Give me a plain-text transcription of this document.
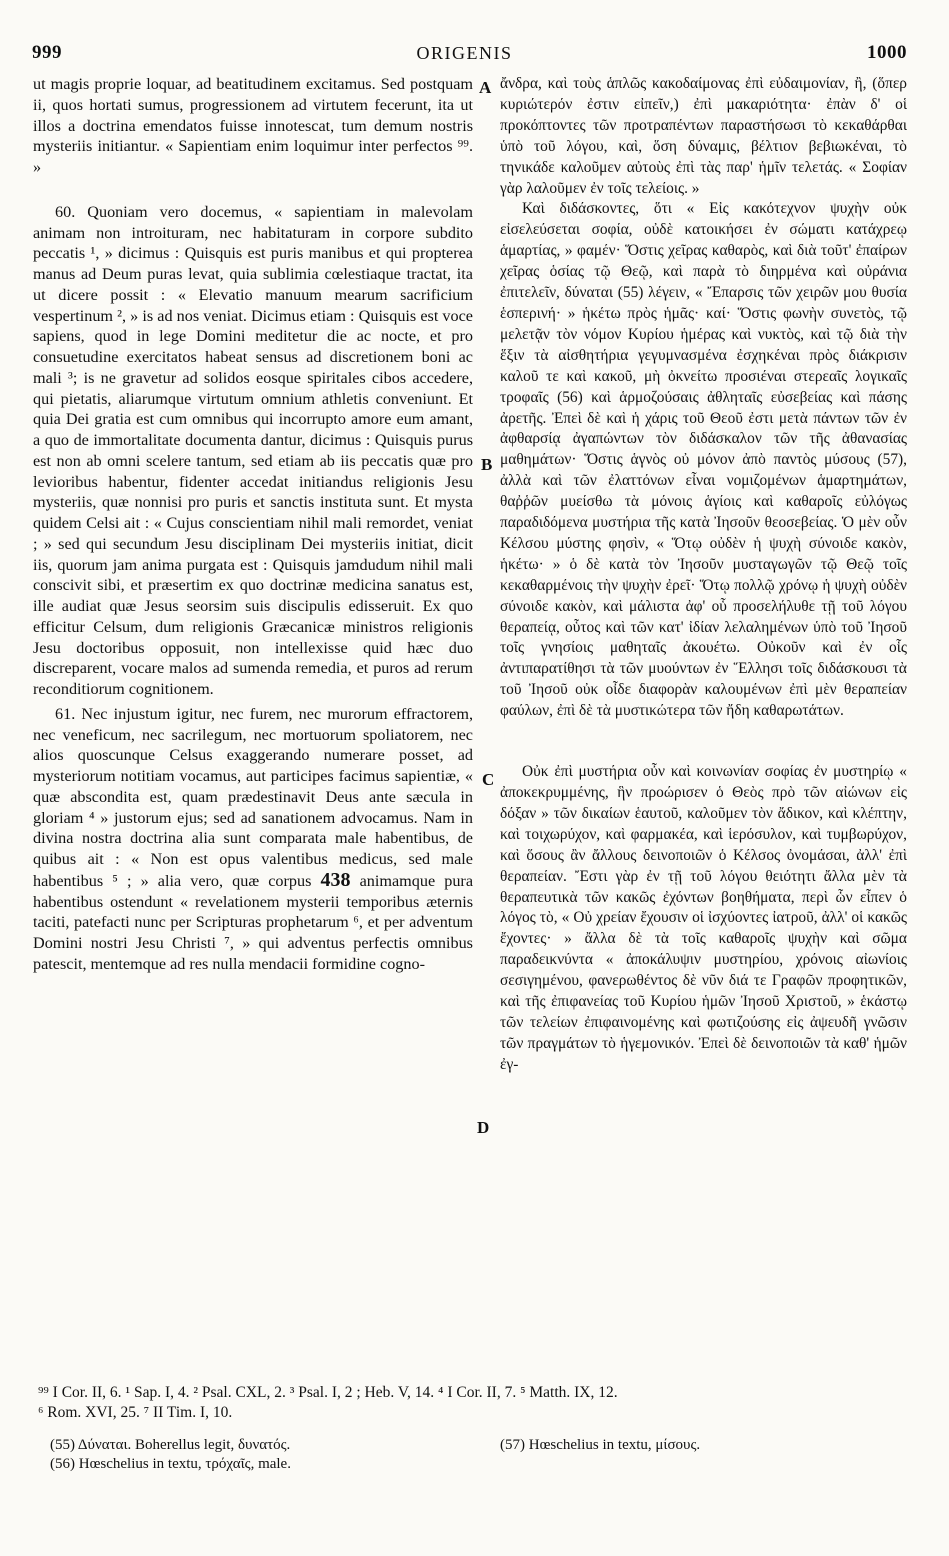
999	ORIGENIS	1000

ut magis proprie loquar, ad beatitudinem excitamus. Sed postquam ii, quos hortati sumus, progressionem ad virtutem fecerunt, ita ut illos a doctrina emendatos fuisse innotescat, tum demum nostris mysteriis initiantur. « Sapientiam enim loquimur inter perfectos ⁹⁹. »

60. Quoniam vero docemus, « sapientiam in malevolam animam non introituram, nec habitaturam in corpore subdito peccatis ¹, » dicimus : Quisquis est puris manibus et qui propterea manus ad Deum puras levat, quia sublimia cœlestiaque tractat, ita ut dicere possit : « Elevatio manuum mearum sacrificium vespertinum ², » is ad nos veniat. Dicimus etiam : Quisquis est voce sapiens, quod in lege Domini meditetur die ac nocte, et pro consuetudine exercitatos habeat sensus ad discretionem boni ac mali ³; is ne gravetur ad solidos eosque spiritales cibos accedere, qui pietatis, aliarumque virtutum omnium athletis conveniunt. Et quia Dei gratia est cum omnibus qui incorrupto amore eum amant, a quo de immortalitate documenta dantur, dicimus : Quisquis purus est non ab omni scelere tantum, sed etiam ab iis peccatis quæ pro levioribus habentur, fidenter accedat initiandus religionis Jesu mysteriis, quæ nonnisi pro puris et sanctis instituta sunt. Et mysta quidem Celsi ait : « Cujus conscientiam nihil mali remordet, veniat ; » sed qui secundum Jesu disciplinam Dei mysteriis initiat, dicit iis, quorum jam anima purgata est : Quisquis jamdudum nihil mali conscivit sibi, et præsertim ex quo doctrinæ medicina sanatus est, ille audiat quæ Jesus seorsim suis discipulis edisseruit. Ex quo efficitur Celsum, dum religionis Græcanicæ ministros religionis Jesu doctoribus opposuit, non intellexisse quid hæc duo discreparent, vocare malos ad sumenda remedia, et puros ad rerum reconditiorum cognitionem.

61. Nec injustum igitur, nec furem, nec murorum effractorem, nec veneficum, nec sacrilegum, nec mortuorum spoliatorem, nec alios quoscunque Celsus exaggerando numerare posset, ad mysteriorum notitiam vocamus, aut participes facimus sapientiæ, « quæ abscondita est, quam prædestinavit Deus ante sæcula in gloriam ⁴ » justorum ejus; sed ad sanationem advocamus. Nam in divina nostra doctrina alia sunt comparata male habentibus, de quibus ait : « Non est opus valentibus medicus, sed male habentibus ⁵ ; » alia vero, quæ corpus 438 animamque pura habentibus ostendunt « revelationem mysterii temporibus æternis taciti, patefacti nunc per Scripturas prophetarum ⁶, et per adventum Domini nostri Jesu Christi ⁷, » qui adventus perfectis omnibus patescit, mentemque ad res nulla mendacii formidine cogno-

A
B
C
D

ἄνδρα, καὶ τοὺς ἁπλῶς κακοδαίμονας ἐπὶ εὐδαιμονίαν, ἢ, (ὅπερ κυριώτερόν ἐστιν εἰπεῖν,) ἐπὶ μακαριότητα· ἐπὰν δ' οἱ προκόπτοντες τῶν προτραπέντων παραστήσωσι τὸ κεκαθάρθαι ὑπὸ τοῦ λόγου, καὶ, ὅση δύναμις, βέλτιον βεβιωκέναι, τὸ τηνικάδε καλοῦμεν αὐτοὺς ἐπὶ τὰς παρ' ἡμῖν τελετάς. « Σοφίαν γὰρ λαλοῦμεν ἐν τοῖς τελείοις. »

Καὶ διδάσκοντες, ὅτι « Εἰς κακότεχνον ψυχὴν οὐκ εἰσελεύσεται σοφία, οὐδὲ κατοικήσει ἐν σώματι κατάχρεῳ ἁμαρτίας, » φαμέν· Ὅστις χεῖρας καθαρὸς, καὶ διὰ τοῦτ' ἐπαίρων χεῖρας ὁσίας τῷ Θεῷ, καὶ παρὰ τὸ διηρμένα καὶ οὐράνια ἐπιτελεῖν, δύναται (55) λέγειν, « Ἔπαρσις τῶν χειρῶν μου θυσία ἑσπερινή· » ἡκέτω πρὸς ἡμᾶς· καί· Ὅστις φωνὴν συνετὸς, τῷ μελετᾷν τὸν νόμον Κυρίου ἡμέρας καὶ νυκτὸς, καὶ τῷ διὰ τὴν ἕξιν τὰ αἰσθητήρια γεγυμνασμένα ἐσχηκέναι πρὸς διάκρισιν καλοῦ τε καὶ κακοῦ, μὴ ὀκνείτω προσιέναι στερεαῖς λογικαῖς τροφαῖς (56) καὶ ἁρμοζούσαις ἀθληταῖς εὐσεβείας καὶ πάσης ἀρετῆς. Ἐπεὶ δὲ καὶ ἡ χάρις τοῦ Θεοῦ ἐστι μετὰ πάντων τῶν ἐν ἀφθαρσίᾳ ἀγαπώντων τὸν διδάσκαλον τῶν τῆς ἀθανασίας μαθημάτων· Ὅστις ἁγνὸς οὐ μόνον ἀπὸ παντὸς μύσους (57), ἀλλὰ καὶ τῶν ἐλαττόνων εἶναι νομιζομένων ἁμαρτημάτων, θαῤῥῶν μυείσθω τὰ μόνοις ἁγίοις καὶ καθαροῖς εὐλόγως παραδιδόμενα μυστήρια τῆς κατὰ Ἰησοῦν θεοσεβείας. Ὁ μὲν οὖν Κέλσου μύστης φησὶν, « Ὅτῳ οὐδὲν ἡ ψυχὴ σύνοιδε κακὸν, ἡκέτω· » ὁ δὲ κατὰ τὸν Ἰησοῦν μυσταγωγῶν τῷ Θεῷ τοῖς κεκαθαρμένοις τὴν ψυχὴν ἐρεῖ· Ὅτῳ πολλῷ χρόνῳ ἡ ψυχὴ οὐδὲν σύνοιδε κακὸν, καὶ μάλιστα ἀφ' οὗ προσελήλυθε τῇ τοῦ λόγου θεραπείᾳ, οὗτος καὶ τῶν κατ' ἰδίαν λελαλημένων ὑπὸ τοῦ Ἰησοῦ τοῖς γνησίοις μαθηταῖς ἀκουέτω. Οὐκοῦν καὶ ἐν οἷς ἀντιπαρατίθησι τὰ τῶν μυούντων ἐν Ἕλλησι τοῖς διδάσκουσι τὰ τοῦ Ἰησοῦ οὐκ οἶδε διαφορὰν καλουμένων ἐπὶ μὲν θεραπείαν φαύλων, ἐπὶ δὲ τὰ μυστικώτερα τῶν ἤδη καθαρωτάτων.

Οὐκ ἐπὶ μυστήρια οὖν καὶ κοινωνίαν σοφίας ἐν μυστηρίῳ « ἀποκεκρυμμένης, ἣν προώρισεν ὁ Θεὸς πρὸ τῶν αἰώνων εἰς δόξαν » τῶν δικαίων ἑαυτοῦ, καλοῦμεν τὸν ἄδικον, καὶ κλέπτην, καὶ τοιχωρύχον, καὶ φαρμακέα, καὶ ἱερόσυλον, καὶ τυμβωρύχον, καὶ ὅσους ἂν ἄλλους δεινοποιῶν ὁ Κέλσος ὀνομάσαι, ἀλλ' ἐπὶ θεραπείαν. Ἔστι γὰρ ἐν τῇ τοῦ λόγου θειότητι ἄλλα μὲν τὰ θεραπευτικὰ τῶν κακῶς ἐχόντων βοηθήματα, περὶ ὧν εἶπεν ὁ λόγος τὸ, « Οὐ χρείαν ἔχουσιν οἱ ἰσχύοντες ἰατροῦ, ἀλλ' οἱ κακῶς ἔχοντες· » ἄλλα δὲ τὰ τοῖς καθαροῖς ψυχὴν καὶ σῶμα παραδεικνύντα « ἀποκάλυψιν μυστηρίου, χρόνοις αἰωνίοις σεσιγημένου, φανερωθέντος δὲ νῦν διά τε Γραφῶν προφητικῶν, καὶ τῆς ἐπιφανείας τοῦ Κυρίου ἡμῶν Ἰησοῦ Χριστοῦ, » ἑκάστῳ τῶν τελείων ἐπιφαινομένης καὶ φωτιζούσης εἰς ἀψευδῆ γνῶσιν τῶν πραγμάτων τὸ ἡγεμονικόν. Ἐπεὶ δὲ δεινοποιῶν τὰ καθ' ἡμῶν ἐγ-

⁹⁹ I Cor. II, 6. ¹ Sap. I, 4. ² Psal. CXL, 2. ³ Psal. I, 2 ; Heb. V, 14. ⁴ I Cor. II, 7. ⁵ Matth. IX, 12.
⁶ Rom. XVI, 25. ⁷ II Tim. I, 10.
(55) Δύναται. Boherellus legit, δυνατός.
(56) Hœschelius in textu, τρόχαῖς, male.
(57) Hœschelius in textu, μίσους.
